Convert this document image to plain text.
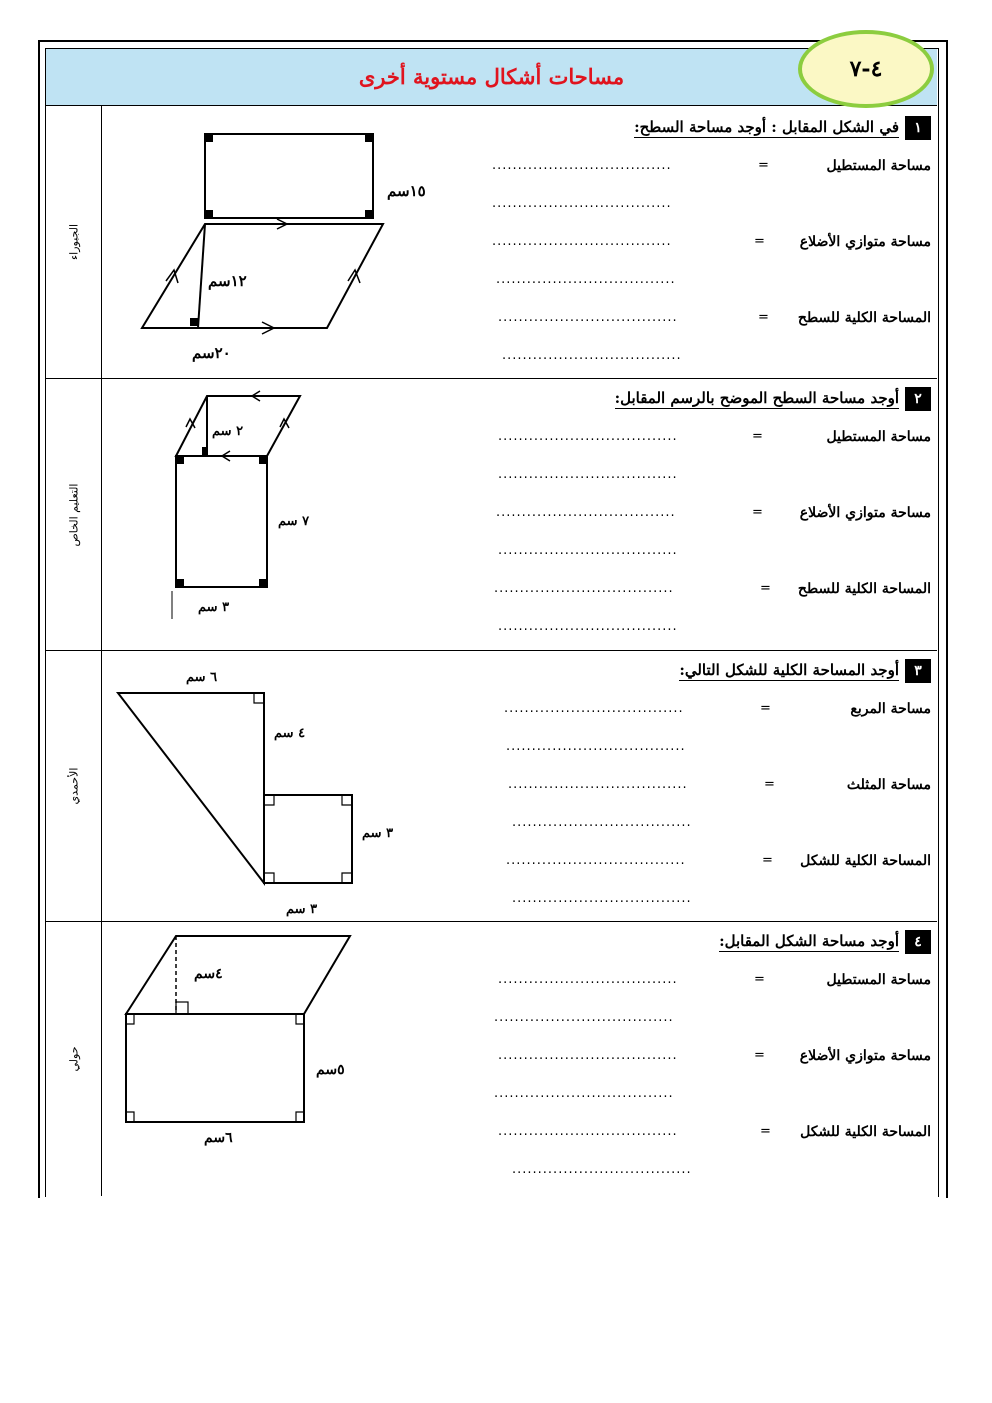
مساحات أشكال مستوية أخرى	٤-٧
الجبوراء
١٥سم
١٢سم
٢٠سم
١
في الشكل المقابل : أوجد مساحة السطح:
مساحة المستطيل
=
...................................
...................................
مساحة متوازي الأضلاع
=
...................................
...................................
المساحة الكلية للسطح
=
...................................
...................................
التعليم الخاص
٢ سم
٧ سم
٣ سم
٢
أوجد مساحة السطح الموضح بالرسم المقابل:
مساحة المستطيل
=
...................................
...................................
مساحة متوازي الأضلاع
=
...................................
...................................
المساحة الكلية للسطح
=
...................................
...................................
الأحمدي
٦ سم
٤ سم
٣ سم
٣ سم
٣
أوجد المساحة الكلية للشكل التالي:
مساحة المربع
=
...................................
...................................
مساحة المثلث
=
...................................
...................................
المساحة الكلية للشكل
=
...................................
...................................
حولي
٤سم
٥سم
٦سم
٤
أوجد مساحة الشكل المقابل:
مساحة المستطيل
=
...................................
...................................
مساحة متوازي الأضلاع
=
...................................
...................................
المساحة الكلية للشكل
=
...................................
...................................
